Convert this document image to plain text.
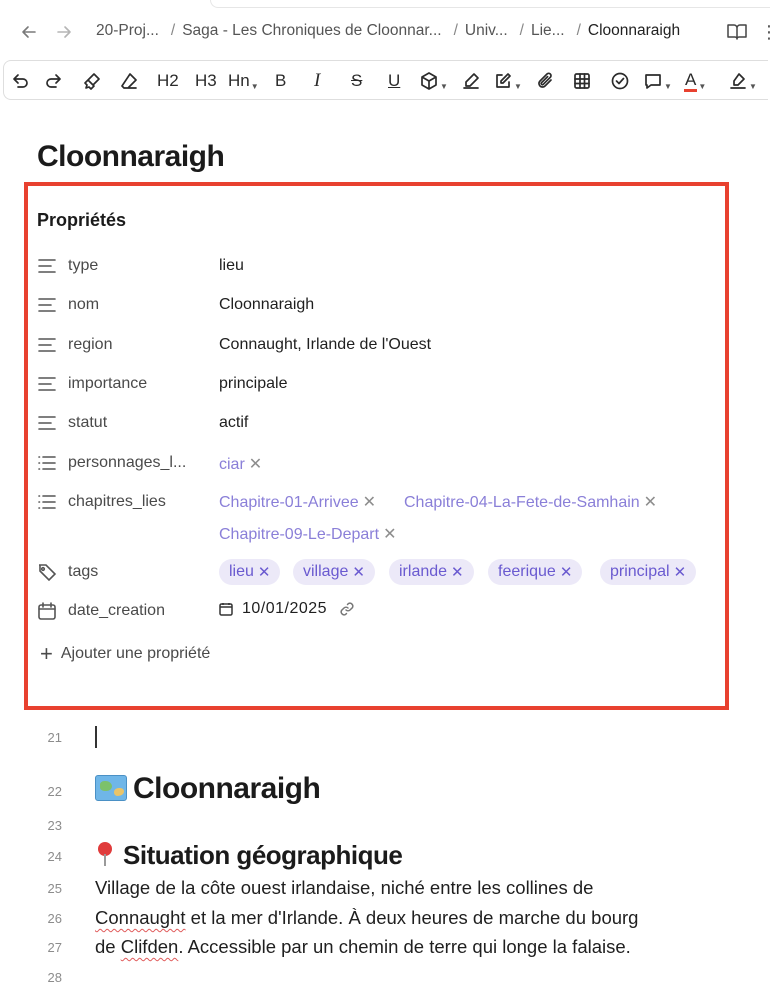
20-Proj... / Saga - Les Chroniques de Cloonnar... / Univ... / Lie... / Cloonnaraigh	⋮
H2 H3 Hn ▼ B I S U	▼	▼	▼ A ▼	▼
Cloonnaraigh
Propriétés
type	lieu
nom	Cloonnaraigh
region	Connaught, Irlande de l'Ouest
importance	principale
statut	actif
personnages_l... ciar ✕
chapitres_lies	Chapitre-01-Arrivee ✕ Chapitre-04-La-Fete-de-Samhain ✕
Chapitre-09-Le-Depart ✕
tags	lieu ✕ village ✕ irlande ✕ feerique ✕ principal ✕
date_creation	10/01/2025
+ Ajouter une propriété
21
22	Cloonnaraigh
23
24	Situation géographique
25 Village de la côte ouest irlandaise, niché entre les collines de
26 Connaught et la mer d'Irlande. À deux heures de marche du bourg
27 de Clifden. Accessible par un chemin de terre qui longe la falaise.
28
